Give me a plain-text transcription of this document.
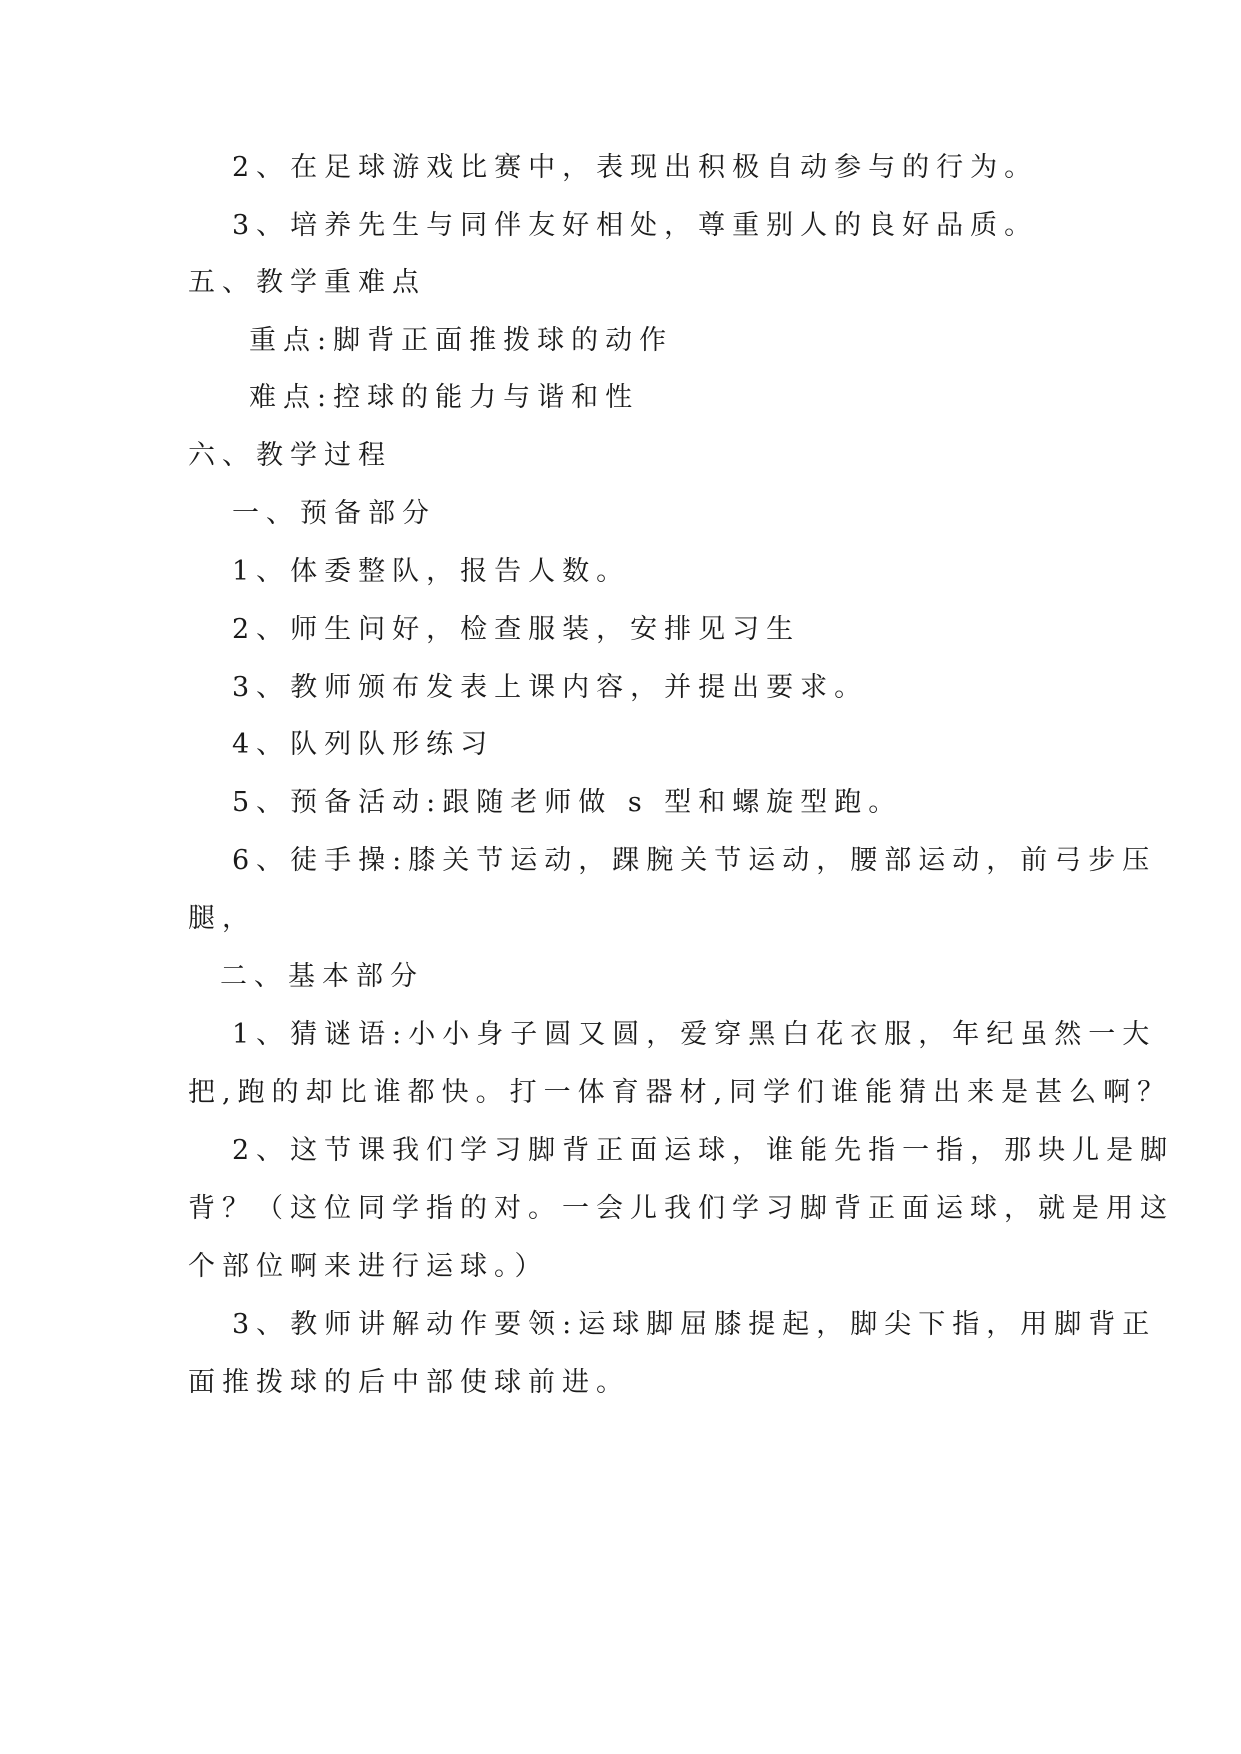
2、在足球游戏比赛中，表现出积极自动参与的行为。
3、培养先生与同伴友好相处，尊重别人的良好品质。
五、教学重难点
重点:脚背正面推拨球的动作
难点:控球的能力与谐和性
六、教学过程
一、预备部分
1、体委整队，报告人数。
2、师生问好，检查服装，安排见习生
3、教师颁布发表上课内容，并提出要求。
4、队列队形练习
5、预备活动:跟随老师做 s 型和螺旋型跑。
6、徒手操:膝关节运动，踝腕关节运动，腰部运动，前弓步压
腿，
二、基本部分
1、猜谜语:小小身子圆又圆，爱穿黑白花衣服，年纪虽然一大
把,跑的却比谁都快。打一体育器材,同学们谁能猜出来是甚么啊？
2、这节课我们学习脚背正面运球，谁能先指一指，那块儿是脚
背？（这位同学指的对。一会儿我们学习脚背正面运球，就是用这
个部位啊来进行运球。）
3、教师讲解动作要领:运球脚屈膝提起，脚尖下指，用脚背正
面推拨球的后中部使球前进。
